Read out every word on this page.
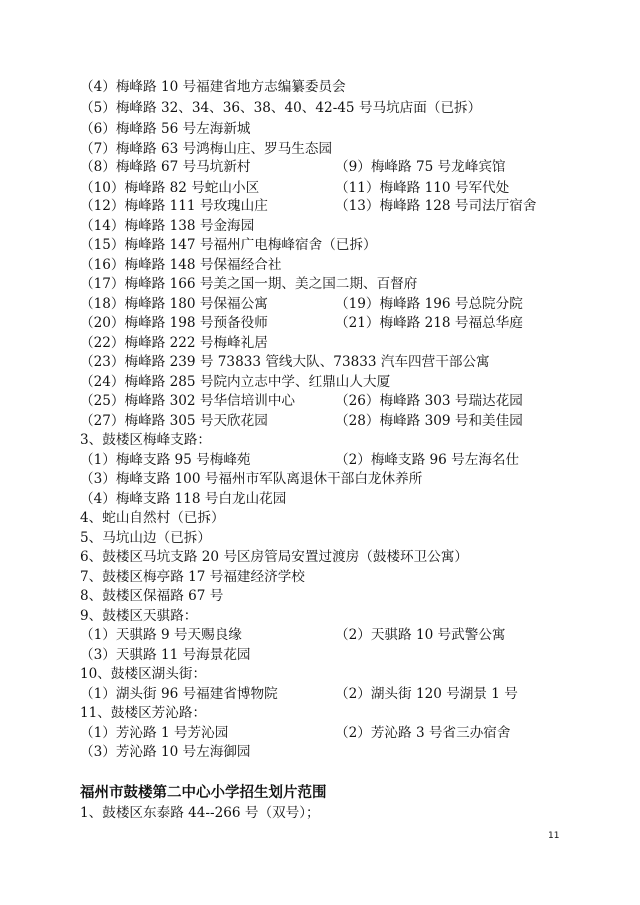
（4）梅峰路 10 号福建省地方志编纂委员会
（5）梅峰路 32、34、36、38、40、42-45 号马坑店面（已拆）
（6）梅峰路 56 号左海新城
（7）梅峰路 63 号鸿梅山庄、罗马生态园
（8）梅峰路 67 号马坑新村	（9）梅峰路 75 号龙峰宾馆
（10）梅峰路 82 号蛇山小区	（11）梅峰路 110 号军代处
（12）梅峰路 111 号玫瑰山庄	（13）梅峰路 128 号司法厅宿舍
（14）梅峰路 138 号金海园
（15）梅峰路 147 号福州广电梅峰宿舍（已拆）
（16）梅峰路 148 号保福经合社
（17）梅峰路 166 号美之国一期、美之国二期、百督府
（18）梅峰路 180 号保福公寓	（19）梅峰路 196 号总院分院
（20）梅峰路 198 号预备役师	（21）梅峰路 218 号福总华庭
（22）梅峰路 222 号梅峰礼居
（23）梅峰路 239 号 73833 管线大队、73833 汽车四营干部公寓
（24）梅峰路 285 号院内立志中学、红鼎山人大厦
（25）梅峰路 302 号华信培训中心	（26）梅峰路 303 号瑞达花园
（27）梅峰路 305 号天欣花园	（28）梅峰路 309 号和美佳园
3、鼓楼区梅峰支路：
（1）梅峰支路 95 号梅峰苑	（2）梅峰支路 96 号左海名仕
（3）梅峰支路 100 号福州市军队离退休干部白龙休养所
（4）梅峰支路 118 号白龙山花园
4、蛇山自然村（已拆）
5、马坑山边（已拆）
6、鼓楼区马坑支路 20 号区房管局安置过渡房（鼓楼环卫公寓）
7、鼓楼区梅亭路 17 号福建经济学校
8、鼓楼区保福路 67 号
9、鼓楼区天骐路：
（1）天骐路 9 号天赐良缘	（2）天骐路 10 号武警公寓
（3）天骐路 11 号海景花园
10、鼓楼区湖头街：
（1）湖头街 96 号福建省博物院	（2）湖头街 120 号湖景 1 号
11、鼓楼区芳沁路：
（1）芳沁路 1 号芳沁园	（2）芳沁路 3 号省三办宿舍
（3）芳沁路 10 号左海御园
福州市鼓楼第二中心小学招生划片范围
1、鼓楼区东泰路 44--266 号（双号）；
11
